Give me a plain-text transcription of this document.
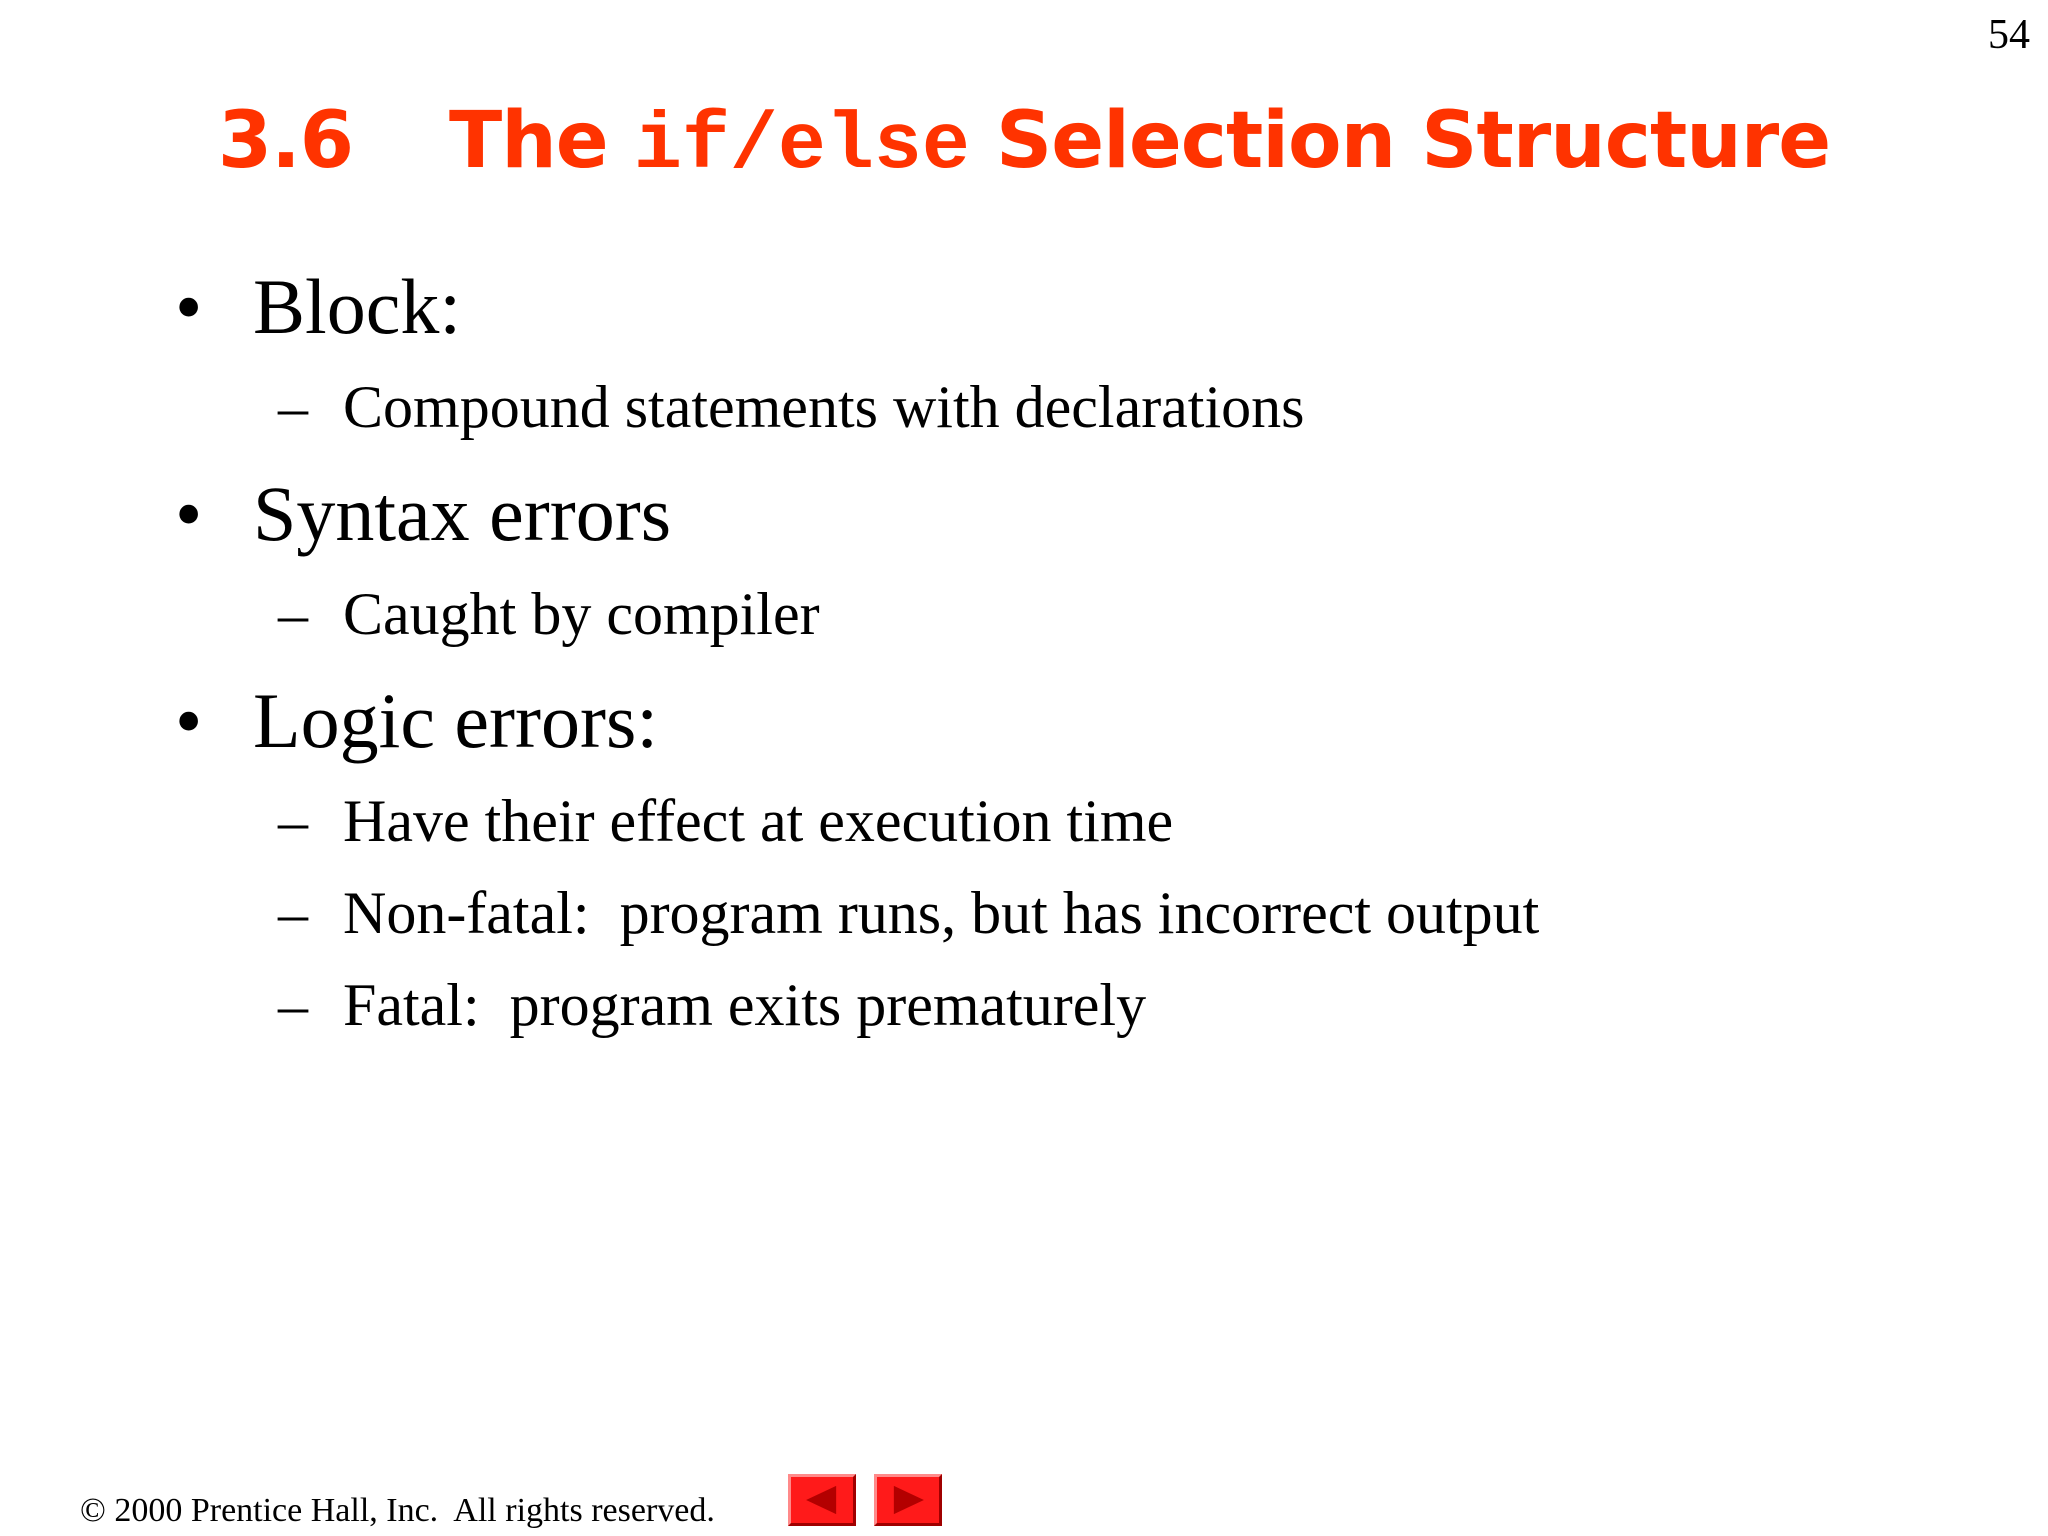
54
3.6 The if/else Selection Structure
• Block:
– Compound statements with declarations
• Syntax errors
– Caught by compiler
• Logic errors:
– Have their effect at execution time
– Non-fatal:  program runs, but has incorrect output
– Fatal:  program exits prematurely
© 2000 Prentice Hall, Inc.  All rights reserved.
